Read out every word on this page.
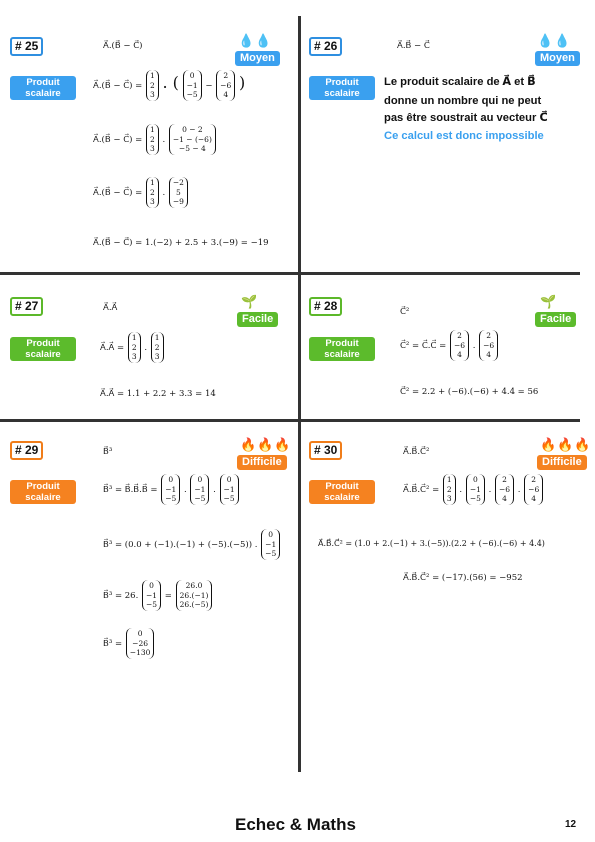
# 25
Produit scalaire
💧💧
Moyen
A⃗.(B⃗ − C⃗)
A⃗.(B⃗ − C⃗) =
1
2
3
. ( 0
−1
−5
−
2
−6
4
)
A⃗.(B⃗ − C⃗) =
1
2
3
.
0 − 2
−1 − (−6)
−5 − 4
A⃗.(B⃗ − C⃗) =
1
2
3
.
−2
5
−9
A⃗.(B⃗ − C⃗) = 1.(−2) + 2.5 + 3.(−9) = −19
# 26
Produit scalaire
💧💧
Moyen
A⃗.B⃗ − C⃗
Le produit scalaire de A⃗ et B⃗
donne un nombre qui ne peut
pas être soustrait au vecteur C⃗
Ce calcul est donc impossible
# 27
Produit scalaire
🌱
Facile
A⃗.A⃗
A⃗.A⃗ =
1
2
3
.
1
2
3
A⃗.A⃗ = 1.1 + 2.2 + 3.3 = 14
# 28
Produit scalaire
🌱
Facile
C⃗²
C⃗² = C⃗.C⃗ =
2
−6
4
.
2
−6
4
C⃗² = 2.2 + (−6).(−6) + 4.4 = 56
# 29
Produit scalaire
🔥🔥🔥
Difficile
B⃗³
B⃗³ = B⃗.B⃗.B⃗ =
0
−1
−5
.
0
−1
−5
.
0
−1
−5
B⃗³ = (0.0 + (−1).(−1) + (−5).(−5)) .
0
−1
−5
B⃗³ = 26.
0
−1
−5
=
26.0
26.(−1)
26.(−5)
B⃗³ =
0
−26
−130
# 30
Produit scalaire
🔥🔥🔥
Difficile
A⃗.B⃗.C⃗²
A⃗.B⃗.C⃗² =
1
2
3
.
0
−1
−5
.
2
−6
4
.
2
−6
4
A⃗.B⃗.C⃗² = (1.0 + 2.(−1) + 3.(−5)).(2.2 + (−6).(−6) + 4.4)
A⃗.B⃗.C⃗² = (−17).(56) = −952
Echec & Maths	12
